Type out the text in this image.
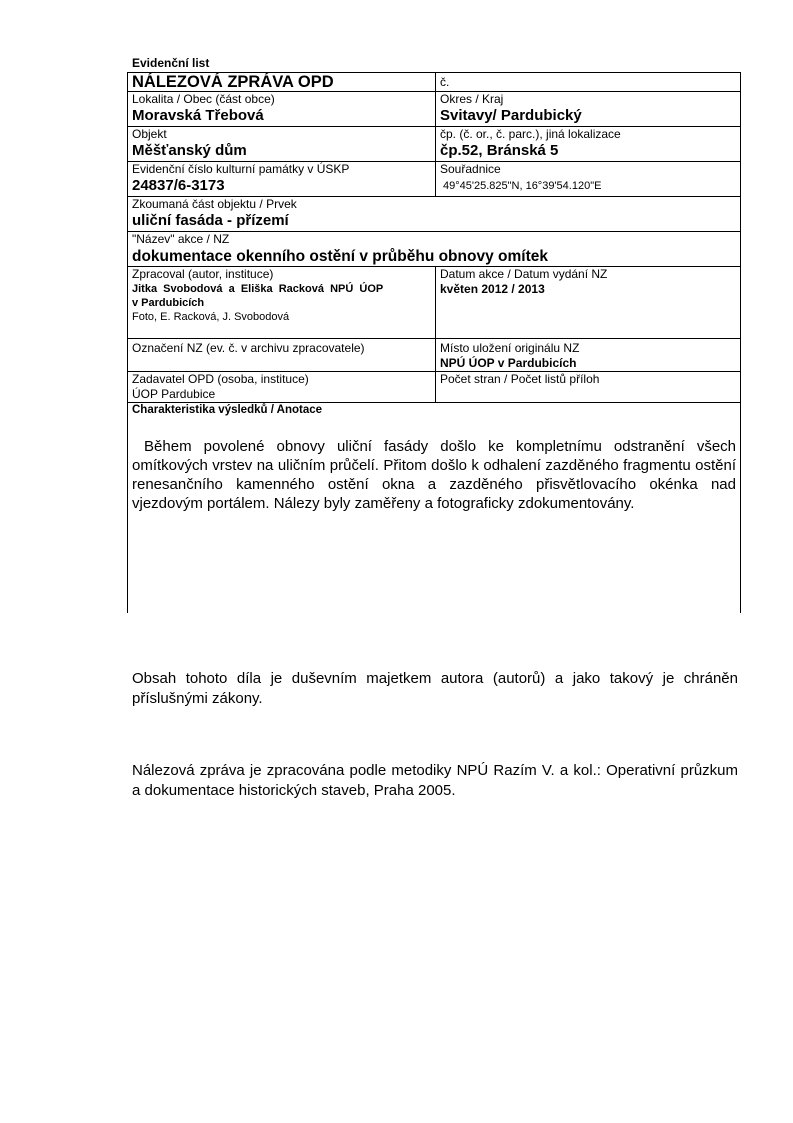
Evidenční list
NÁLEZOVÁ ZPRÁVA OPD	č.
Lokalita / Obec (část obce)
Moravská Třebová
Okres / Kraj
Svitavy/ Pardubický
Objekt
Měšťanský dům
čp. (č. or., č. parc.), jiná lokalizace
čp.52, Bránská 5
Evidenční číslo kulturní památky v ÚSKP
24837/6-3173
Souřadnice
49°45'25.825"N, 16°39'54.120"E
Zkoumaná část objektu / Prvek
uliční fasáda - přízemí
"Název" akce / NZ
dokumentace okenního ostění v průběhu obnovy omítek
Zpracoval (autor, instituce)
Jitka  Svobodová  a  Eliška  Racková  NPÚ  ÚOP
v Pardubicích
Foto, E. Racková, J. Svobodová
Datum akce / Datum vydání NZ
květen 2012 / 2013
Označení NZ (ev. č. v archivu zpracovatele)	Místo uložení originálu NZ
NPÚ ÚOP v Pardubicích
Zadavatel OPD (osoba, instituce)
ÚOP Pardubice
Počet stran / Počet listů příloh
Charakteristika výsledků / Anotace
Během povolené obnovy uliční fasády došlo ke kompletnímu odstranění všech omítkových vrstev na uličním průčelí. Přitom došlo k odhalení zazděného fragmentu ostění renesančního kamenného ostění okna a zazděného přisvětlovacího okénka nad vjezdovým portálem. Nálezy byly zaměřeny a fotograficky zdokumentovány.
Obsah tohoto díla je duševním majetkem autora (autorů) a jako takový je chráněn příslušnými zákony.
Nálezová zpráva je zpracována podle metodiky NPÚ Razím V. a kol.: Operativní průzkum a dokumentace historických staveb, Praha 2005.
